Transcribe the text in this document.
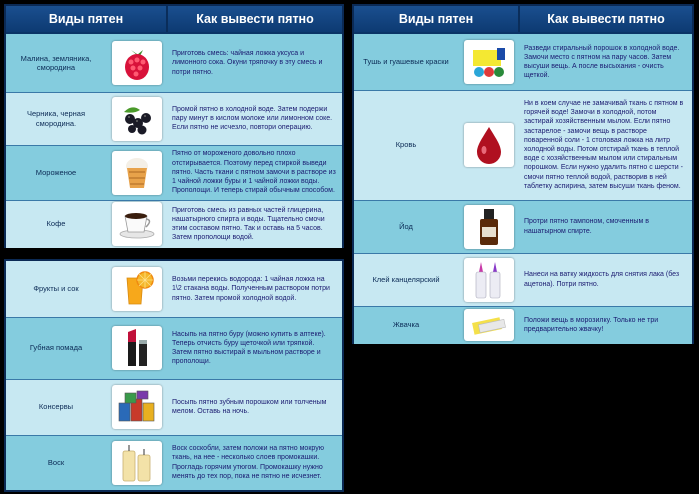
Виды пятен	Как вывести пятно
Малина, земляника, смородина
Приготовь смесь: чайная ложка уксуса и лимонного сока. Окуни тряпочку в эту смесь и потри пятно.
Черника, черная смородина.
Промой пятно в холодной воде. Затем подержи пару минут в кислом молоке или лимонном соке. Если пятно не исчезло, повтори операцию.
Мороженое
Пятно от мороженого довольно плохо отстирывается. Поэтому перед стиркой выведи пятно. Часть ткани с пятном замочи в растворе из 1 чайной ложки буры и 1 чайной ложки воды. Прополощи. И теперь стирай обычным способом.
Кофе
Приготовь смесь из равных частей глицерина, нашатырного спирта и воды. Тщательно смочи этим составом пятно. Так и оставь на 5 часов. Затем прополощи водой.
Фрукты и сок
Возьми перекись водорода: 1 чайная ложка на 1\2 стакана воды. Полученным раствором потри пятно. Затем промой холодной водой.
Губная помада
Насыпь на пятно буру (можно купить в аптеке). Теперь отчисть буру щеточкой или тряпкой. Затем пятно выстирай в мыльном растворе и прополощи.
Консервы
Посыпь пятно зубным порошком или толченым мелом. Оставь на ночь.
Воск
Воск соскобли, затем положи на пятно мокрую ткань, на нее - несколько слоев промокашки. Прогладь горячим утюгом. Промокашку нужно менять до тех пор, пока не пятно не исчезнет.
Виды пятен	Как вывести пятно
Тушь и гуашевые краски
Разведи стиральный порошок в холодной воде. Замочи место с пятном на пару часов. Затем высуши вещь. А после высыхания - очисть щеткой.
Кровь
Ни в коем случае не замачивай ткань с пятном в горячей воде! Замочи в холодной, потом застирай хозяйственным мылом. Если пятно застарелое - замочи вещь в растворе поваренной соли - 1 столовая ложка на литр холодной воды. Потом отстирай ткань в теплой воде с хозяйственным мылом или стиральным порошком. Если нужно удалить пятно с шерсти - смочи пятно теплой водой, растворив в ней таблетку аспирина, затем высуши ткань феном.
Йод
Протри пятно тампоном, смоченным в нашатырном спирте.
Клей канцелярский
Нанеси на ватку жидкость для снятия лака (без ацетона). Потри пятно.
Жвачка
Положи вещь в морозилку. Только не три предварительно жвачку!
